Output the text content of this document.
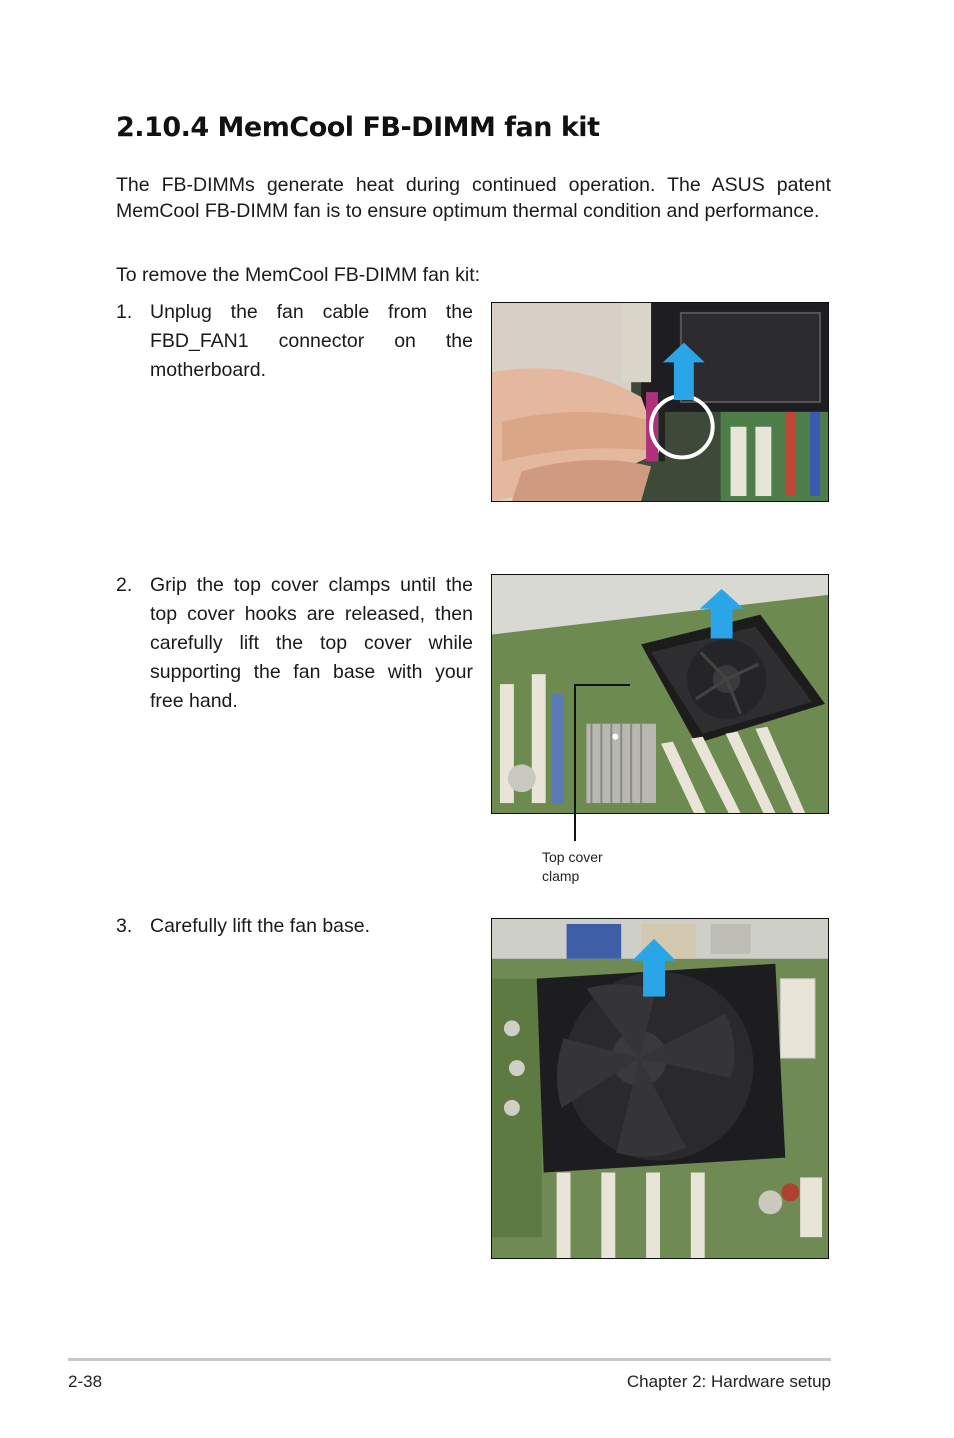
2.10.4 MemCool FB-DIMM fan kit

The FB-DIMMs generate heat during continued operation. The ASUS patent MemCool FB-DIMM fan is to ensure optimum thermal condition and performance.

To remove the MemCool FB-DIMM fan kit:

1. Unplug the fan cable from the FBD_FAN1 connector on the motherboard.
2. Grip the top cover clamps until the top cover hooks are released, then carefully lift the top cover while supporting the fan base with your free hand.
Top cover
clamp
3. Carefully lift the fan base.
2-38	Chapter 2: Hardware setup
